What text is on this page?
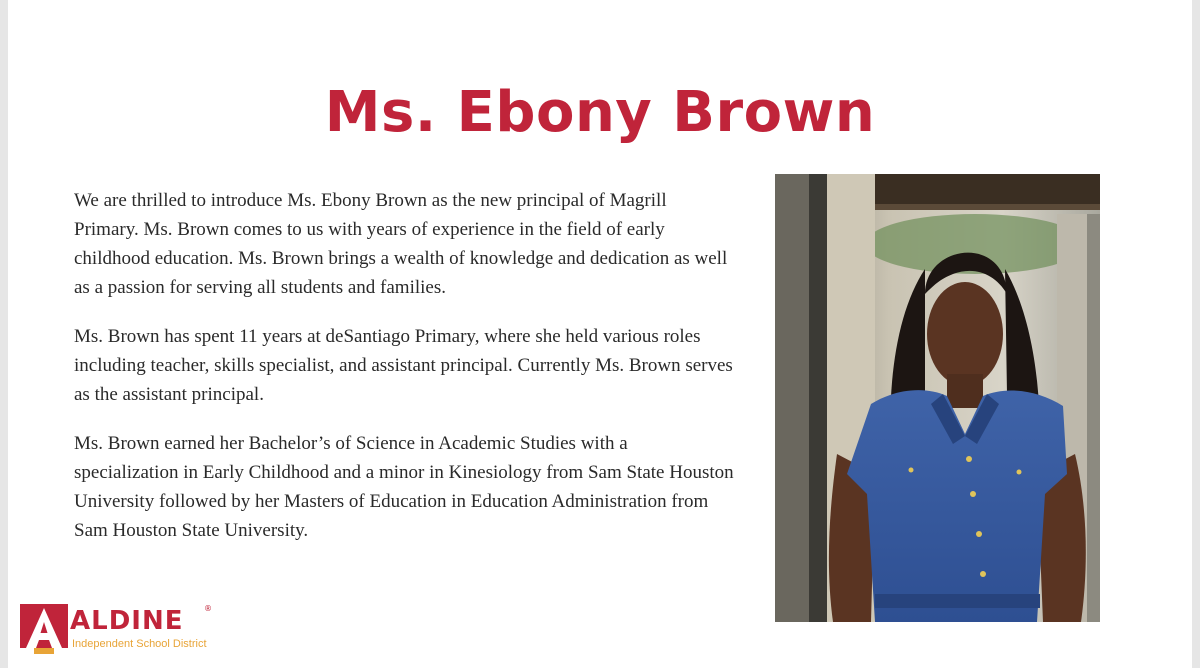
Ms. Ebony Brown

We are thrilled to introduce Ms. Ebony Brown as the new principal of Magrill Primary. Ms. Brown comes to us with years of experience in the field of early childhood education. Ms. Brown brings a wealth of knowledge and dedication as well as a passion for serving all students and families.

Ms. Brown has spent 11 years at deSantiago Primary, where she held various roles including teacher, skills specialist, and assistant principal. Currently Ms. Brown serves as the assistant principal.

Ms. Brown earned her Bachelor’s of Science in Academic Studies with a specialization in Early Childhood and a minor in Kinesiology from Sam State Houston University followed by her Masters of Education in Education Administration from Sam Houston State University.

ALDINE	®
Independent School District
